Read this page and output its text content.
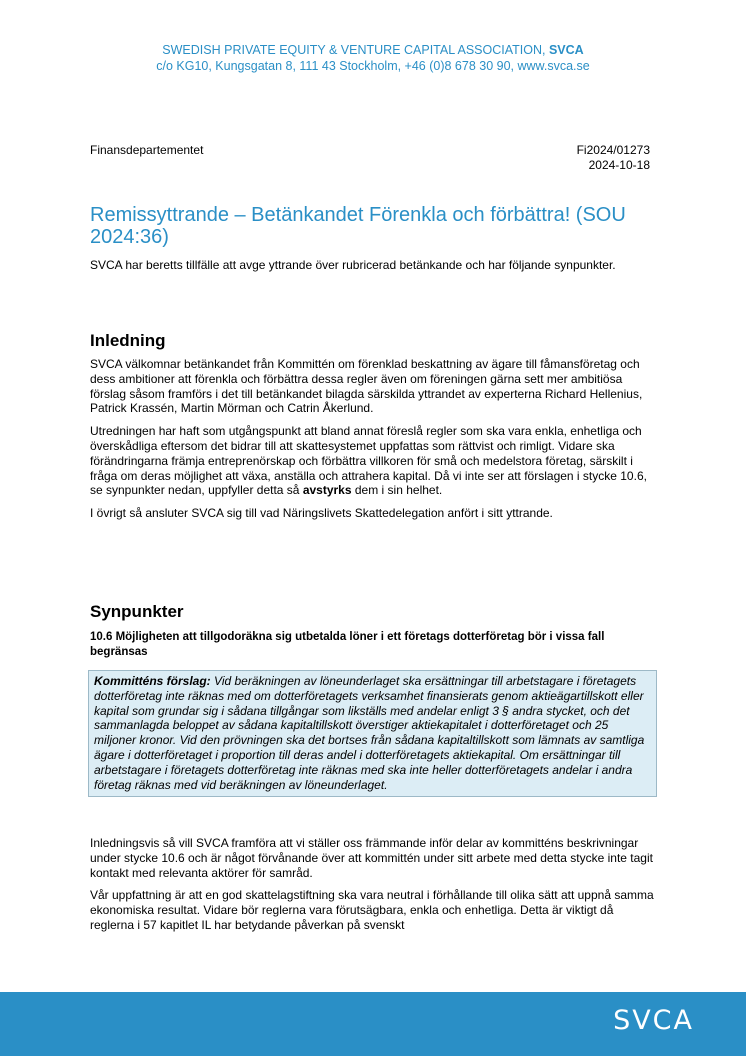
SWEDISH PRIVATE EQUITY & VENTURE CAPITAL ASSOCIATION, SVCA
c/o KG10, Kungsgatan 8, 111 43 Stockholm, +46 (0)8 678 30 90, www.svca.se
Finansdepartementet	Fi2024/01273
2024-10-18
Remissyttrande – Betänkandet Förenkla och förbättra! (SOU 2024:36)

SVCA har beretts tillfälle att avge yttrande över rubricerad betänkande och har följande synpunkter.

Inledning

SVCA välkomnar betänkandet från Kommittén om förenklad beskattning av ägare till fåmansföretag och dess ambitioner att förenkla och förbättra dessa regler även om föreningen gärna sett mer ambitiösa förslag såsom framförs i det till betänkandet bilagda särskilda yttrandet av experterna Richard Hellenius, Patrick Krassén, Martin Mörman och Catrin Åkerlund.

Utredningen har haft som utgångspunkt att bland annat föreslå regler som ska vara enkla, enhetliga och överskådliga eftersom det bidrar till att skattesystemet uppfattas som rättvist och rimligt. Vidare ska förändringarna främja entreprenörskap och förbättra villkoren för små och medelstora företag, särskilt i fråga om deras möjlighet att växa, anställa och attrahera kapital. Då vi inte ser att förslagen i stycke 10.6, se synpunkter nedan, uppfyller detta så avstyrks dem i sin helhet.

I övrigt så ansluter SVCA sig till vad Näringslivets Skattedelegation anfört i sitt yttrande.

Synpunkter

10.6 Möjligheten att tillgodoräkna sig utbetalda löner i ett företags dotterföretag bör i vissa fall begränsas

Kommitténs förslag: Vid beräkningen av löneunderlaget ska ersättningar till arbetstagare i företagets dotterföretag inte räknas med om dotterföretagets verksamhet finansierats genom aktieägartillskott eller kapital som grundar sig i sådana tillgångar som likställs med andelar enligt 3 § andra stycket, och det sammanlagda beloppet av sådana kapitaltillskott överstiger aktiekapitalet i dotterföretaget och 25 miljoner kronor. Vid den prövningen ska det bortses från sådana kapitaltillskott som lämnats av samtliga ägare i dotterföretaget i proportion till deras andel i dotterföretagets aktiekapital. Om ersättningar till arbetstagare i företagets dotterföretag inte räknas med ska inte heller dotterföretagets andelar i andra företag räknas med vid beräkningen av löneunderlaget.

Inledningsvis så vill SVCA framföra att vi ställer oss främmande inför delar av kommitténs beskrivningar under stycke 10.6 och är något förvånande över att kommittén under sitt arbete med detta stycke inte tagit kontakt med relevanta aktörer för samråd.

Vår uppfattning är att en god skattelagstiftning ska vara neutral i förhållande till olika sätt att uppnå samma ekonomiska resultat. Vidare bör reglerna vara förutsägbara, enkla och enhetliga. Detta är viktigt då reglerna i 57 kapitlet IL har betydande påverkan på svenskt

SVCA
